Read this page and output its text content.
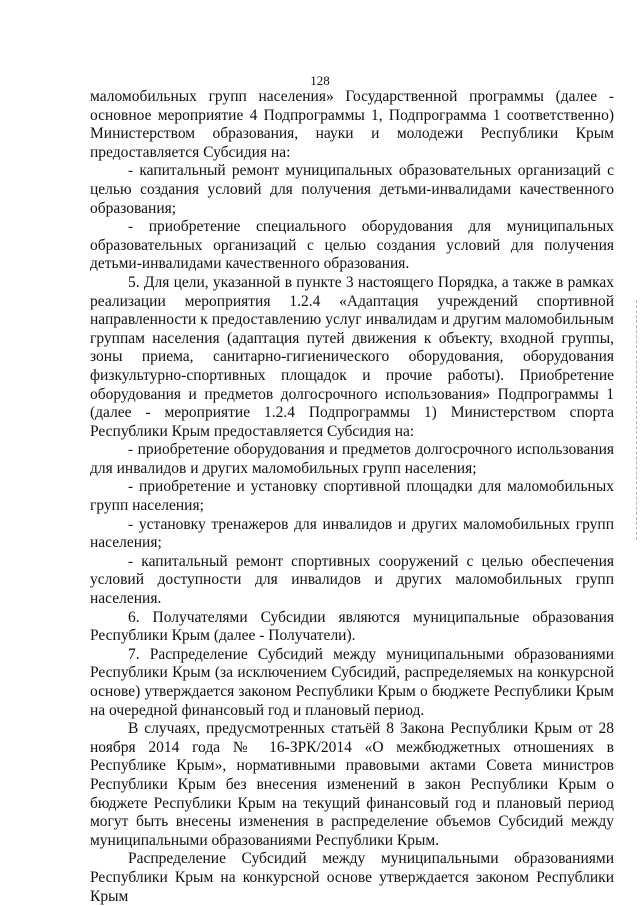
128

маломобильных групп населения» Государственной программы (далее - основное мероприятие 4 Подпрограммы 1, Подпрограмма 1 соответственно) Министерством образования, науки и молодежи Республики Крым предоставляется Субсидия на:

- капитальный ремонт муниципальных образовательных организаций с целью создания условий для получения детьми-инвалидами качественного образования;

- приобретение специального оборудования для муниципальных образовательных организаций с целью создания условий для получения детьми-инвалидами качественного образования.

5. Для цели, указанной в пункте 3 настоящего Порядка, а также в рамках реализации мероприятия 1.2.4 «Адаптация учреждений спортивной направленности к предоставлению услуг инвалидам и другим маломобильным группам населения (адаптация путей движения к объекту, входной группы, зоны приема, санитарно-гигиенического оборудования, оборудования физкультурно-спортивных площадок и прочие работы). Приобретение оборудования и предметов долгосрочного использования» Подпрограммы 1 (далее - мероприятие 1.2.4 Подпрограммы 1) Министерством спорта Республики Крым предоставляется Субсидия на:

- приобретение оборудования и предметов долгосрочного использования для инвалидов и других маломобильных групп населения;

- приобретение и установку спортивной площадки для маломобильных групп населения;

- установку тренажеров для инвалидов и других маломобильных групп населения;

- капитальный ремонт спортивных сооружений с целью обеспечения условий доступности для инвалидов и других маломобильных групп населения.

6. Получателями Субсидии являются муниципальные образования Республики Крым (далее - Получатели).

7. Распределение Субсидий между муниципальными образованиями Республики Крым (за исключением Субсидий, распределяемых на конкурсной основе) утверждается законом Республики Крым о бюджете Республики Крым на очередной финансовый год и плановый период.

В случаях, предусмотренных статьёй 8 Закона Республики Крым от 28 ноября 2014 года № 16-ЗРК/2014 «О межбюджетных отношениях в Республике Крым», нормативными правовыми актами Совета министров Республики Крым без внесения изменений в закон Республики Крым о бюджете Республики Крым на текущий финансовый год и плановый период могут быть внесены изменения в распределение объемов Субсидий между муниципальными образованиями Республики Крым.

Распределение Субсидий между муниципальными образованиями Республики Крым на конкурсной основе утверждается законом Республики Крым
